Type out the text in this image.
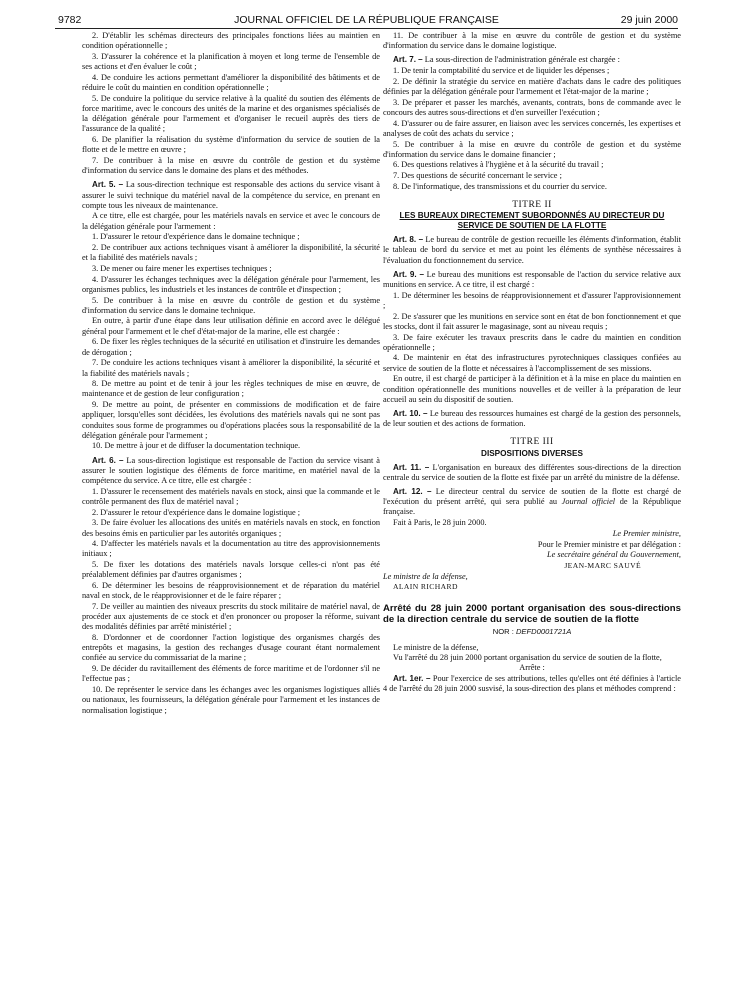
9782	JOURNAL OFFICIEL DE LA RÉPUBLIQUE FRANÇAISE	29 juin 2000

2. D'établir les schémas directeurs des principales fonctions liées au maintien en condition opérationnelle ;

3. D'assurer la cohérence et la planification à moyen et long terme de l'ensemble de ses actions et d'en évaluer le coût ;

4. De conduire les actions permettant d'améliorer la disponibilité des bâtiments et de réduire le coût du maintien en condition opérationnelle ;

5. De conduire la politique du service relative à la qualité du soutien des éléments de force maritime, avec le concours des unités de la marine et des organismes spécialisés de la délégation générale pour l'armement et d'organiser le recueil auprès des tiers de l'assurance de la qualité ;

6. De planifier la réalisation du système d'information du service de soutien de la flotte et de le mettre en œuvre ;

7. De contribuer à la mise en œuvre du contrôle de gestion et du système d'information du service dans le domaine des plans et des méthodes.

Art. 5. – La sous-direction technique est responsable des actions du service visant à assurer le suivi technique du matériel naval de la compétence du service, en prenant en compte tous les niveaux de maintenance.

A ce titre, elle est chargée, pour les matériels navals en service et avec le concours de la délégation générale pour l'armement :

1. D'assurer le retour d'expérience dans le domaine technique ;

2. De contribuer aux actions techniques visant à améliorer la disponibilité, la sécurité et la fiabilité des matériels navals ;

3. De mener ou faire mener les expertises techniques ;

4. D'assurer les échanges techniques avec la délégation générale pour l'armement, les organismes publics, les industriels et les instances de contrôle et d'inspection ;

5. De contribuer à la mise en œuvre du contrôle de gestion et du système d'information du service dans le domaine technique.

En outre, à partir d'une étape dans leur utilisation définie en accord avec le délégué général pour l'armement et le chef d'état-major de la marine, elle est chargée :

6. De fixer les règles techniques de la sécurité en utilisation et d'instruire les demandes de dérogation ;

7. De conduire les actions techniques visant à améliorer la disponibilité, la sécurité et la fiabilité des matériels navals ;

8. De mettre au point et de tenir à jour les règles techniques de mise en œuvre, de maintenance et de gestion de leur configuration ;

9. De mettre au point, de présenter en commissions de modification et de faire appliquer, lorsqu'elles sont décidées, les évolutions des matériels navals qui ne sont pas conduites sous forme de programmes ou d'opérations placées sous la responsabilité de la délégation générale pour l'armement ;

10. De mettre à jour et de diffuser la documentation technique.

Art. 6. – La sous-direction logistique est responsable de l'action du service visant à assurer le soutien logistique des éléments de force maritime, en matériel naval de la compétence du service. A ce titre, elle est chargée :

1. D'assurer le recensement des matériels navals en stock, ainsi que la commande et le contrôle permanent des flux de matériel naval ;

2. D'assurer le retour d'expérience dans le domaine logistique ;

3. De faire évoluer les allocations des unités en matériels navals en stock, en fonction des besoins émis en particulier par les autorités organiques ;

4. D'affecter les matériels navals et la documentation au titre des approvisionnements initiaux ;

5. De fixer les dotations des matériels navals lorsque celles-ci n'ont pas été préalablement définies par d'autres organismes ;

6. De déterminer les besoins de réapprovisionnement et de réparation du matériel naval en stock, de le réapprovisionner et de le faire réparer ;

7. De veiller au maintien des niveaux prescrits du stock militaire de matériel naval, de procéder aux ajustements de ce stock et d'en prononcer ou proposer la réforme, suivant des modalités définies par arrêté ministériel ;

8. D'ordonner et de coordonner l'action logistique des organismes chargés des entrepôts et magasins, la gestion des rechanges d'usage courant étant normalement confiée au service du commissariat de la marine ;

9. De décider du ravitaillement des éléments de force maritime et de l'ordonner s'il ne l'effectue pas ;

10. De représenter le service dans les échanges avec les organismes logistiques alliés ou nationaux, les fournisseurs, la délégation générale pour l'armement et les instances de normalisation logistique ;

11. De contribuer à la mise en œuvre du contrôle de gestion et du système d'information du service dans le domaine logistique.

Art. 7. – La sous-direction de l'administration générale est chargée :

1. De tenir la comptabilité du service et de liquider les dépenses ;

2. De définir la stratégie du service en matière d'achats dans le cadre des politiques définies par la délégation générale pour l'armement et l'état-major de la marine ;

3. De préparer et passer les marchés, avenants, contrats, bons de commande avec le concours des autres sous-directions et d'en surveiller l'exécution ;

4. D'assurer ou de faire assurer, en liaison avec les services concernés, les expertises et analyses de coût des achats du service ;

5. De contribuer à la mise en œuvre du contrôle de gestion et du système d'information du service dans le domaine financier ;

6. Des questions relatives à l'hygiène et à la sécurité du travail ;

7. Des questions de sécurité concernant le service ;

8. De l'informatique, des transmissions et du courrier du service.

TITRE II
LES BUREAUX DIRECTEMENT SUBORDONNÉS AU DIRECTEUR DU SERVICE DE SOUTIEN DE LA FLOTTE

Art. 8. – Le bureau de contrôle de gestion recueille les éléments d'information, établit le tableau de bord du service et met au point les éléments de synthèse nécessaires à l'évaluation du fonctionnement du service.

Art. 9. – Le bureau des munitions est responsable de l'action du service relative aux munitions en service. A ce titre, il est chargé :

1. De déterminer les besoins de réapprovisionnement et d'assurer l'approvisionnement ;

2. De s'assurer que les munitions en service sont en état de bon fonctionnement et que les stocks, dont il fait assurer le magasinage, sont au niveau requis ;

3. De faire exécuter les travaux prescrits dans le cadre du maintien en condition opérationnelle ;

4. De maintenir en état des infrastructures pyrotechniques classiques confiées au service de soutien de la flotte et nécessaires à l'accomplissement de ses missions.

En outre, il est chargé de participer à la définition et à la mise en place du maintien en condition opérationnelle des munitions nouvelles et de veiller à la préparation de leur accueil au sein du dispositif de soutien.

Art. 10. – Le bureau des ressources humaines est chargé de la gestion des personnels, de leur soutien et des actions de formation.

TITRE III
DISPOSITIONS DIVERSES

Art. 11. – L'organisation en bureaux des différentes sous-directions de la direction centrale du service de soutien de la flotte est fixée par un arrêté du ministre de la défense.

Art. 12. – Le directeur central du service de soutien de la flotte est chargé de l'exécution du présent arrêté, qui sera publié au Journal officiel de la République française.

Fait à Paris, le 28 juin 2000.

Le Premier ministre,

Pour le Premier ministre et par délégation :

Le secrétaire général du Gouvernement,

JEAN-MARC SAUVÉ

Le ministre de la défense,

ALAIN RICHARD

Arrêté du 28 juin 2000 portant organisation des sous-directions de la direction centrale du service de soutien de la flotte
NOR : DEFD0001721A

Le ministre de la défense,

Vu l'arrêté du 28 juin 2000 portant organisation du service de soutien de la flotte,

Arrête :

Art. 1er. – Pour l'exercice de ses attributions, telles qu'elles ont été définies à l'article 4 de l'arrêté du 28 juin 2000 susvisé, la sous-direction des plans et méthodes comprend :
